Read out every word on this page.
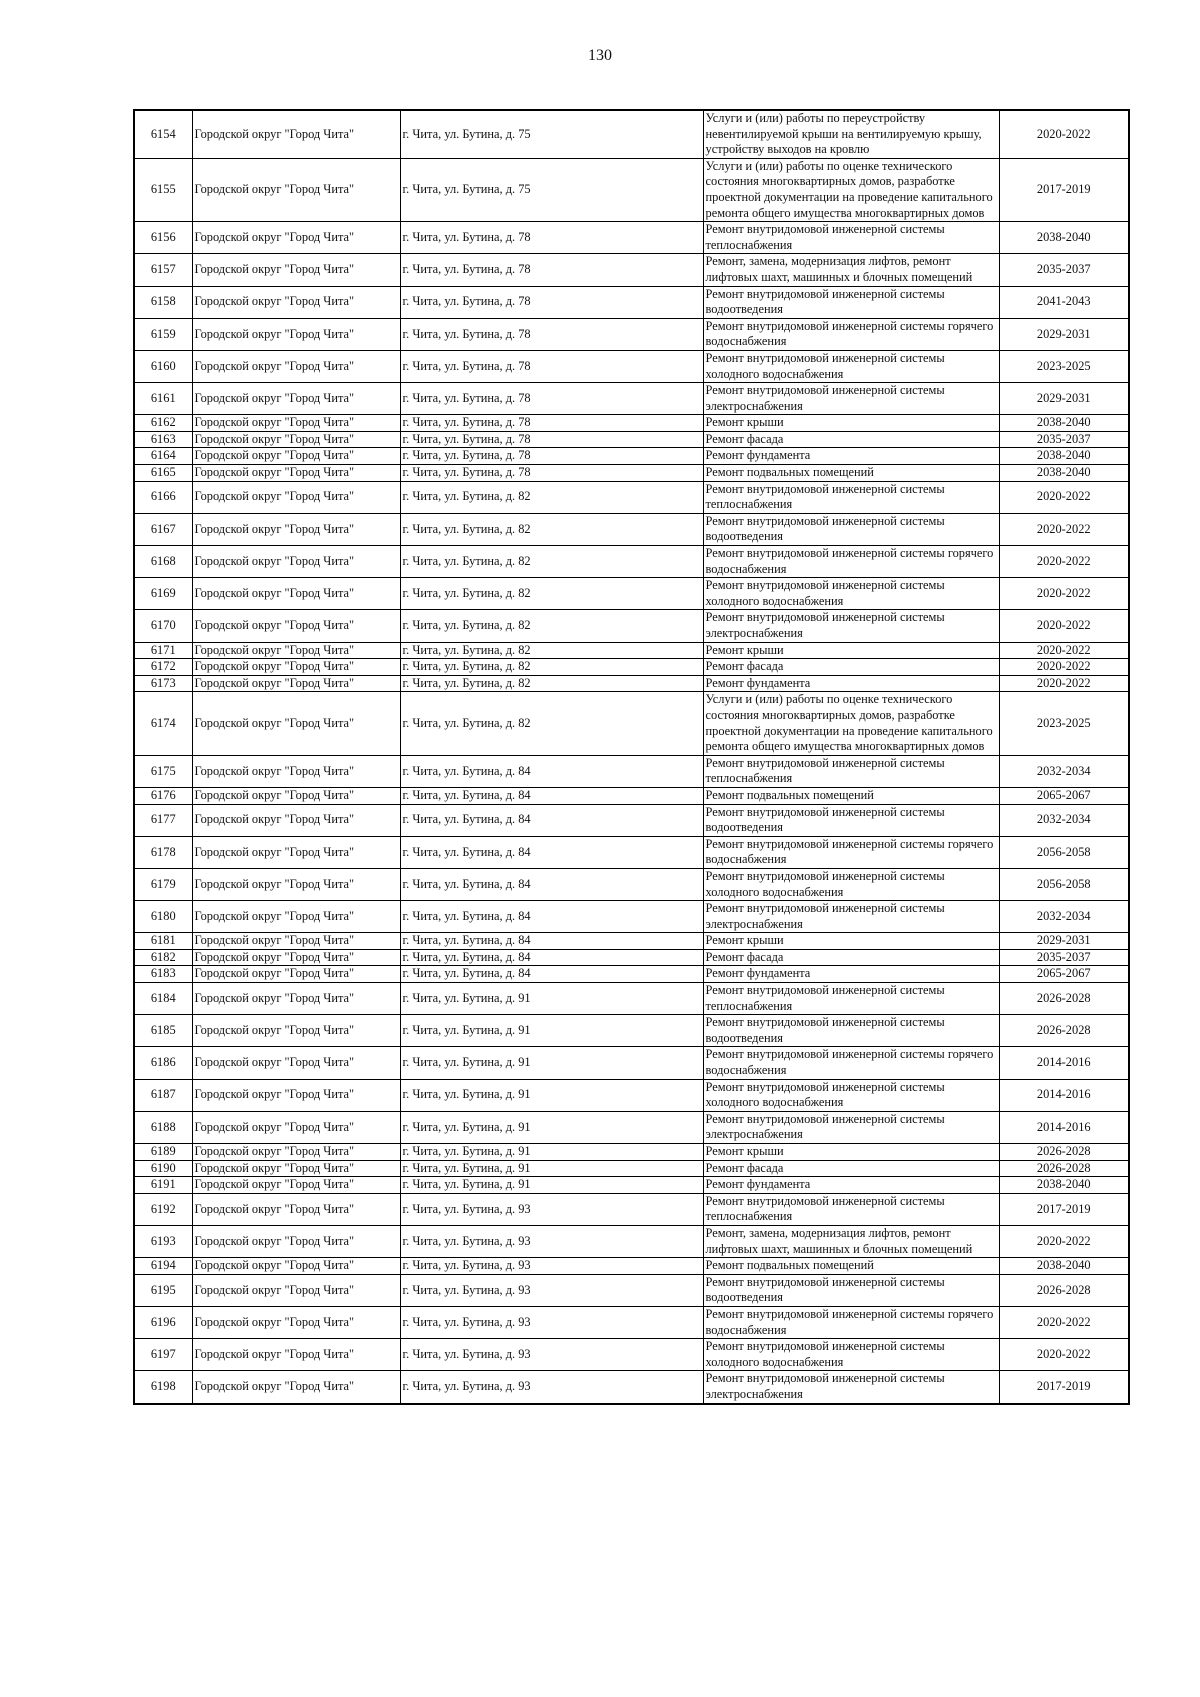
130
6154	Городской округ "Город Чита"	г. Чита, ул. Бутина, д. 75	Услуги и (или) работы по переустройству невентилируемой крыши на вентилируемую крышу, устройству выходов на кровлю	2020-2022
6155	Городской округ "Город Чита"	г. Чита, ул. Бутина, д. 75	Услуги и (или) работы по оценке технического состояния многоквартирных домов, разработке проектной документации на проведение капитального ремонта общего имущества многоквартирных домов	2017-2019
6156	Городской округ "Город Чита"	г. Чита, ул. Бутина, д. 78	Ремонт внутридомовой инженерной системы теплоснабжения	2038-2040
6157	Городской округ "Город Чита"	г. Чита, ул. Бутина, д. 78	Ремонт, замена, модернизация лифтов, ремонт лифтовых шахт, машинных и блочных помещений	2035-2037
6158	Городской округ "Город Чита"	г. Чита, ул. Бутина, д. 78	Ремонт внутридомовой инженерной системы водоотведения	2041-2043
6159	Городской округ "Город Чита"	г. Чита, ул. Бутина, д. 78	Ремонт внутридомовой инженерной системы горячего водоснабжения	2029-2031
6160	Городской округ "Город Чита"	г. Чита, ул. Бутина, д. 78	Ремонт внутридомовой инженерной системы холодного водоснабжения	2023-2025
6161	Городской округ "Город Чита"	г. Чита, ул. Бутина, д. 78	Ремонт внутридомовой инженерной системы электроснабжения	2029-2031
6162	Городской округ "Город Чита"	г. Чита, ул. Бутина, д. 78	Ремонт крыши	2038-2040
6163	Городской округ "Город Чита"	г. Чита, ул. Бутина, д. 78	Ремонт фасада	2035-2037
6164	Городской округ "Город Чита"	г. Чита, ул. Бутина, д. 78	Ремонт фундамента	2038-2040
6165	Городской округ "Город Чита"	г. Чита, ул. Бутина, д. 78	Ремонт подвальных помещений	2038-2040
6166	Городской округ "Город Чита"	г. Чита, ул. Бутина, д. 82	Ремонт внутридомовой инженерной системы теплоснабжения	2020-2022
6167	Городской округ "Город Чита"	г. Чита, ул. Бутина, д. 82	Ремонт внутридомовой инженерной системы водоотведения	2020-2022
6168	Городской округ "Город Чита"	г. Чита, ул. Бутина, д. 82	Ремонт внутридомовой инженерной системы горячего водоснабжения	2020-2022
6169	Городской округ "Город Чита"	г. Чита, ул. Бутина, д. 82	Ремонт внутридомовой инженерной системы холодного водоснабжения	2020-2022
6170	Городской округ "Город Чита"	г. Чита, ул. Бутина, д. 82	Ремонт внутридомовой инженерной системы электроснабжения	2020-2022
6171	Городской округ "Город Чита"	г. Чита, ул. Бутина, д. 82	Ремонт крыши	2020-2022
6172	Городской округ "Город Чита"	г. Чита, ул. Бутина, д. 82	Ремонт фасада	2020-2022
6173	Городской округ "Город Чита"	г. Чита, ул. Бутина, д. 82	Ремонт фундамента	2020-2022
6174	Городской округ "Город Чита"	г. Чита, ул. Бутина, д. 82	Услуги и (или) работы по оценке технического состояния многоквартирных домов, разработке проектной документации на проведение капитального ремонта общего имущества многоквартирных домов	2023-2025
6175	Городской округ "Город Чита"	г. Чита, ул. Бутина, д. 84	Ремонт внутридомовой инженерной системы теплоснабжения	2032-2034
6176	Городской округ "Город Чита"	г. Чита, ул. Бутина, д. 84	Ремонт подвальных помещений	2065-2067
6177	Городской округ "Город Чита"	г. Чита, ул. Бутина, д. 84	Ремонт внутридомовой инженерной системы водоотведения	2032-2034
6178	Городской округ "Город Чита"	г. Чита, ул. Бутина, д. 84	Ремонт внутридомовой инженерной системы горячего водоснабжения	2056-2058
6179	Городской округ "Город Чита"	г. Чита, ул. Бутина, д. 84	Ремонт внутридомовой инженерной системы холодного водоснабжения	2056-2058
6180	Городской округ "Город Чита"	г. Чита, ул. Бутина, д. 84	Ремонт внутридомовой инженерной системы электроснабжения	2032-2034
6181	Городской округ "Город Чита"	г. Чита, ул. Бутина, д. 84	Ремонт крыши	2029-2031
6182	Городской округ "Город Чита"	г. Чита, ул. Бутина, д. 84	Ремонт фасада	2035-2037
6183	Городской округ "Город Чита"	г. Чита, ул. Бутина, д. 84	Ремонт фундамента	2065-2067
6184	Городской округ "Город Чита"	г. Чита, ул. Бутина, д. 91	Ремонт внутридомовой инженерной системы теплоснабжения	2026-2028
6185	Городской округ "Город Чита"	г. Чита, ул. Бутина, д. 91	Ремонт внутридомовой инженерной системы водоотведения	2026-2028
6186	Городской округ "Город Чита"	г. Чита, ул. Бутина, д. 91	Ремонт внутридомовой инженерной системы горячего водоснабжения	2014-2016
6187	Городской округ "Город Чита"	г. Чита, ул. Бутина, д. 91	Ремонт внутридомовой инженерной системы холодного водоснабжения	2014-2016
6188	Городской округ "Город Чита"	г. Чита, ул. Бутина, д. 91	Ремонт внутридомовой инженерной системы электроснабжения	2014-2016
6189	Городской округ "Город Чита"	г. Чита, ул. Бутина, д. 91	Ремонт крыши	2026-2028
6190	Городской округ "Город Чита"	г. Чита, ул. Бутина, д. 91	Ремонт фасада	2026-2028
6191	Городской округ "Город Чита"	г. Чита, ул. Бутина, д. 91	Ремонт фундамента	2038-2040
6192	Городской округ "Город Чита"	г. Чита, ул. Бутина, д. 93	Ремонт внутридомовой инженерной системы теплоснабжения	2017-2019
6193	Городской округ "Город Чита"	г. Чита, ул. Бутина, д. 93	Ремонт, замена, модернизация лифтов, ремонт лифтовых шахт, машинных и блочных помещений	2020-2022
6194	Городской округ "Город Чита"	г. Чита, ул. Бутина, д. 93	Ремонт подвальных помещений	2038-2040
6195	Городской округ "Город Чита"	г. Чита, ул. Бутина, д. 93	Ремонт внутридомовой инженерной системы водоотведения	2026-2028
6196	Городской округ "Город Чита"	г. Чита, ул. Бутина, д. 93	Ремонт внутридомовой инженерной системы горячего водоснабжения	2020-2022
6197	Городской округ "Город Чита"	г. Чита, ул. Бутина, д. 93	Ремонт внутридомовой инженерной системы холодного водоснабжения	2020-2022
6198	Городской округ "Город Чита"	г. Чита, ул. Бутина, д. 93	Ремонт внутридомовой инженерной системы электроснабжения	2017-2019
